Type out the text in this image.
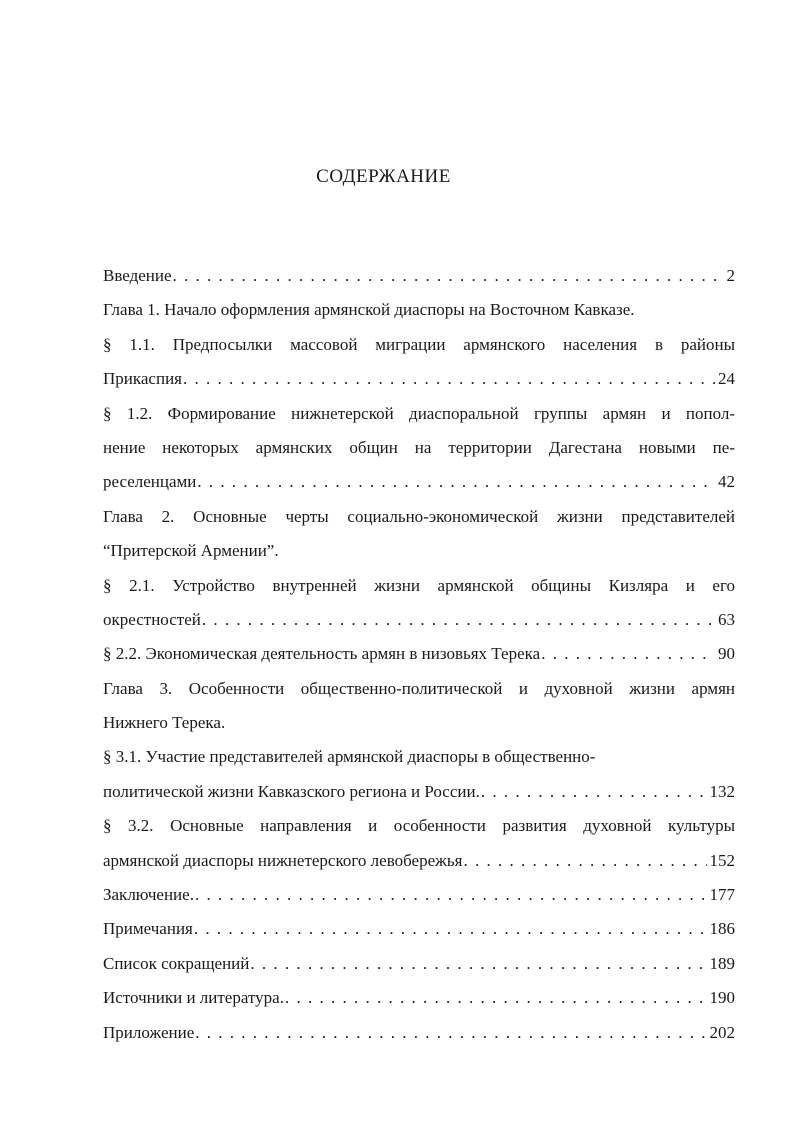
СОДЕРЖАНИЕ
Введение . . .	2
Глава 1. Начало оформления армянской диаспоры на Восточном Кавказе.
§ 1.1. Предпосылки массовой миграции армянского населения в районы
Прикаспия . . .	24
§ 1.2. Формирование нижнетерской диаспоральной группы армян и попол-
нение некоторых армянских общин на территории Дагестана новыми пе-
реселенцами . . .	42
Глава 2. Основные черты социально-экономической жизни представителей
“Притерской Армении”.
§ 2.1. Устройство внутренней жизни армянской общины Кизляра и его
окрестностей . . .	63
§ 2.2. Экономическая деятельность армян в низовьях Терека . . .	90
Глава 3. Особенности общественно-политической и духовной жизни армян
Нижнего Терека.
§ 3.1. Участие представителей армянской диаспоры в общественно-
политической жизни Кавказского региона и России. . . .	132
§ 3.2. Основные направления и особенности развития духовной культуры
армянской диаспоры нижнетерского левобережья . . .	152
Заключение. . . .	177
Примечания . . .	186
Список сокращений . . .	189
Источники и литература. . . .	190
Приложение . . .	202
